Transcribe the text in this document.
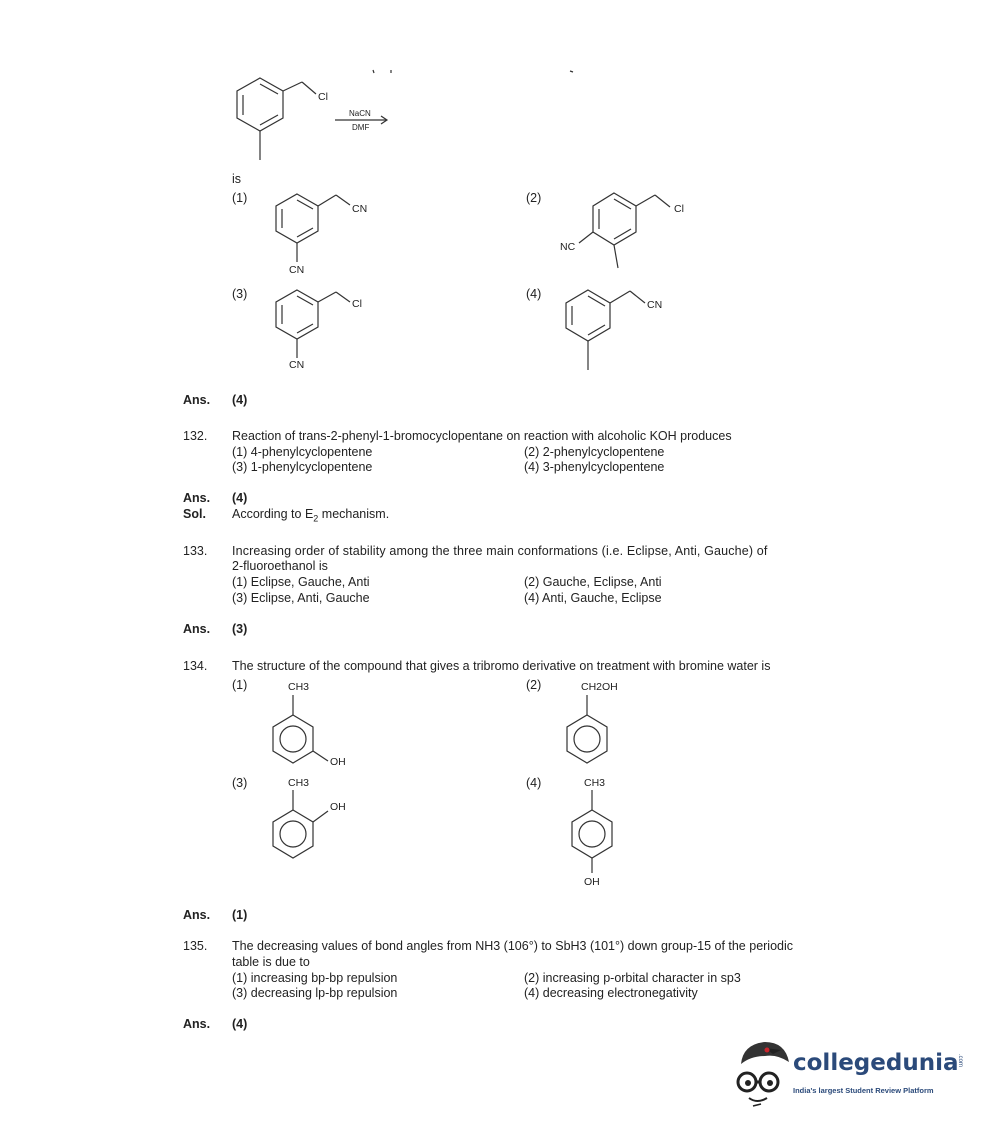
Cl
NaCN
DMF
CN
CN
Cl
NC
Cl
CN
CN
is
(1)	(2)
(3)	(4)
Ans. (4)
132. Reaction of trans-2-phenyl-1-bromocyclopentane on reaction with alcoholic KOH produces
(1) 4-phenylcyclopentene	(2) 2-phenylcyclopentene
(3) 1-phenylcyclopentene	(4) 3-phenylcyclopentene
Ans. (4)
Sol. According to $E_2$ mechanism.
133. Increasing order of stability among the three main conformations (i.e. Eclipse, Anti, Gauche) of
2-fluoroethanol is
(1) Eclipse, Gauche, Anti	(2) Gauche, Eclipse, Anti
(3) Eclipse, Anti, Gauche	(4) Anti, Gauche, Eclipse
Ans. (3)
134. The structure of the compound that gives a tribromo derivative on treatment with bromine water is
(1)	(2)
(3)	(4)
CH3
OH
CH2OH
CH3
OH
CH3
OH
Ans. (1)
135. The decreasing values of bond angles from NH3 (106°) to SbH3 (101°) down group-15 of the periodic
table is due to
(1) increasing bp-bp repulsion	(2) increasing p-orbital character in sp3
(3) decreasing lp-bp repulsion	(4) decreasing electronegativity
Ans. (4)
collegedunia
.com
India's largest Student Review Platform
